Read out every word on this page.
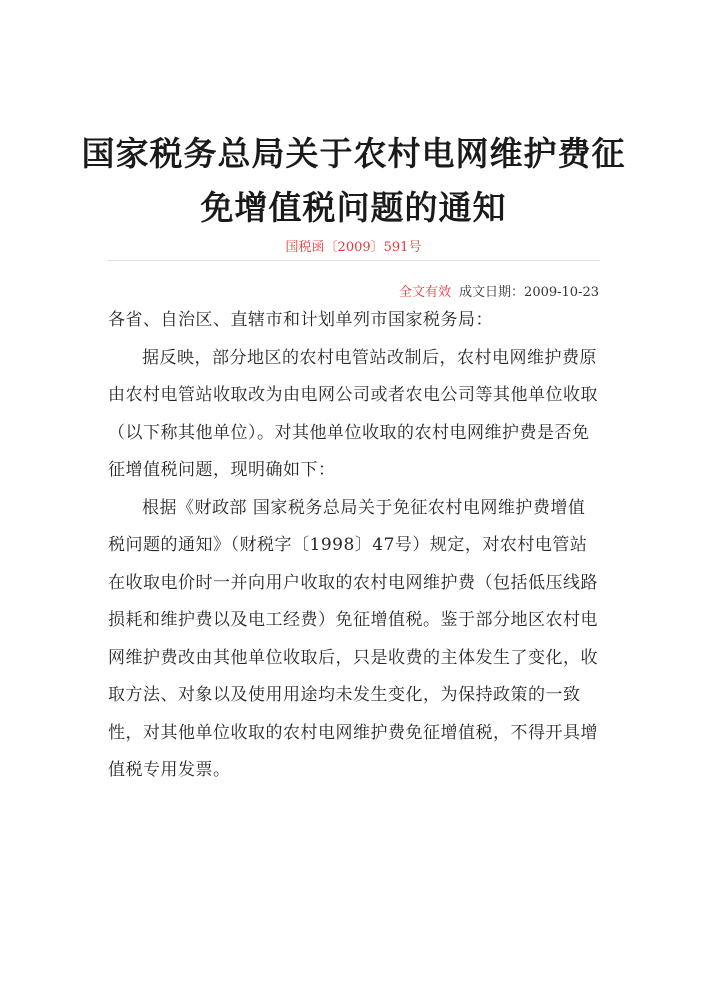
国家税务总局关于农村电网维护费征
免增值税问题的通知
国税函〔2009〕591号
全文有效 成文日期：2009-10-23

各省、自治区、直辖市和计划单列市国家税务局：

据反映，部分地区的农村电管站改制后，农村电网维护费原由农村电管站收取改为由电网公司或者农电公司等其他单位收取（以下称其他单位）。对其他单位收取的农村电网维护费是否免征增值税问题，现明确如下：

根据《财政部 国家税务总局关于免征农村电网维护费增值税问题的通知》（财税字〔1998〕47号）规定，对农村电管站在收取电价时一并向用户收取的农村电网维护费（包括低压线路损耗和维护费以及电工经费）免征增值税。鉴于部分地区农村电网维护费改由其他单位收取后，只是收费的主体发生了变化，收取方法、对象以及使用用途均未发生变化，为保持政策的一致性，对其他单位收取的农村电网维护费免征增值税，不得开具增值税专用发票。
